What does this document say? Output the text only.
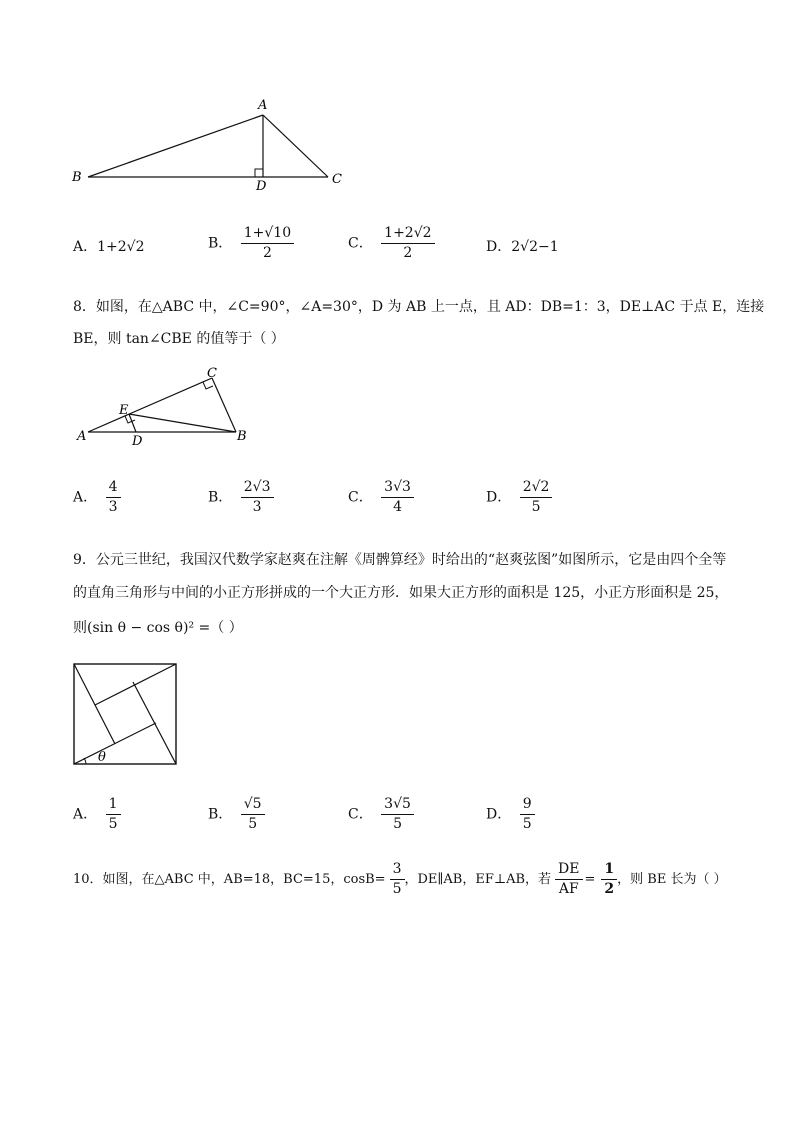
A
B	C
D
A．1+2√2	B． $\frac{1+√10}{2}$	C． $\frac{1+2√2}{2}$	D．2√2−1
8．如图，在△ABC 中，∠C=90°，∠A=30°，D 为 AB 上一点，且 AD：DB=1：3，DE⊥AC 于点 E，连接
BE，则 tan∠CBE 的值等于（ ）
A	B
C
D
E
A． $\frac{4}{3}$	B． $\frac{2√3}{3}$	C． $\frac{3√3}{4}$	D． $\frac{2√2}{5}$
9．公元三世纪，我国汉代数学家赵爽在注解《周髀算经》时给出的“赵爽弦图”如图所示，它是由四个全等
的直角三角形与中间的小正方形拼成的一个大正方形．如果大正方形的面积是 125，小正方形面积是 25，
则(sin θ − cos θ)² =（ ）
θ
A． $\frac{1}{5}$	B． $\frac{√5}{5}$	C． $\frac{3√5}{5}$	D． $\frac{9}{5}$
10．如图，在△ABC 中，AB=18，BC=15，$\cos B= \frac{3}{5}$ ，DE∥AB，EF⊥AB，若 $\frac{DE}{AF} = \frac{1}{2}$ ，则 BE 长为（ ）
